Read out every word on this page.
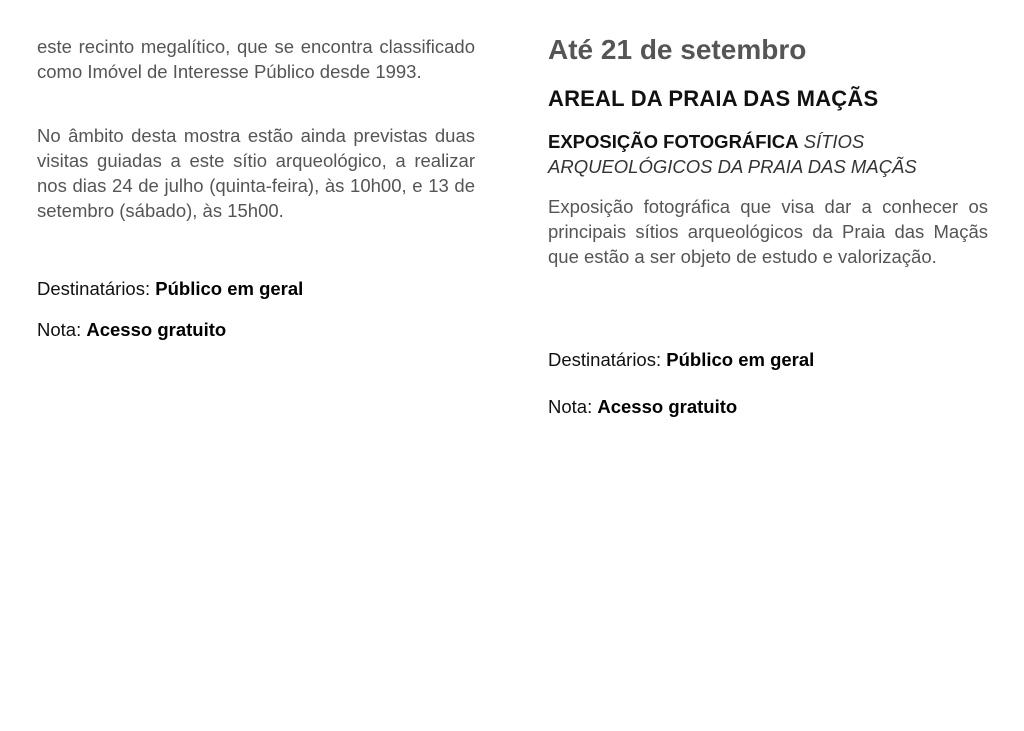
este recinto megalítico, que se encontra classificado como Imóvel de Interesse Público desde 1993.

No âmbito desta mostra estão ainda previstas duas visitas guiadas a este sítio arqueológico, a realizar nos dias 24 de julho (quinta-feira), às 10h00, e 13 de setembro (sábado), às 15h00.

Destinatários: Público em geral

Nota: Acesso gratuito

Até 21 de setembro
AREAL DA PRAIA DAS MAÇÃS

EXPOSIÇÃO FOTOGRÁFICA SÍTIOS ARQUEOLÓGICOS DA PRAIA DAS MAÇÃS

Exposição fotográfica que visa dar a conhecer os principais sítios arqueológicos da Praia das Maçãs que estão a ser objeto de estudo e valorização.

Destinatários: Público em geral

Nota: Acesso gratuito
